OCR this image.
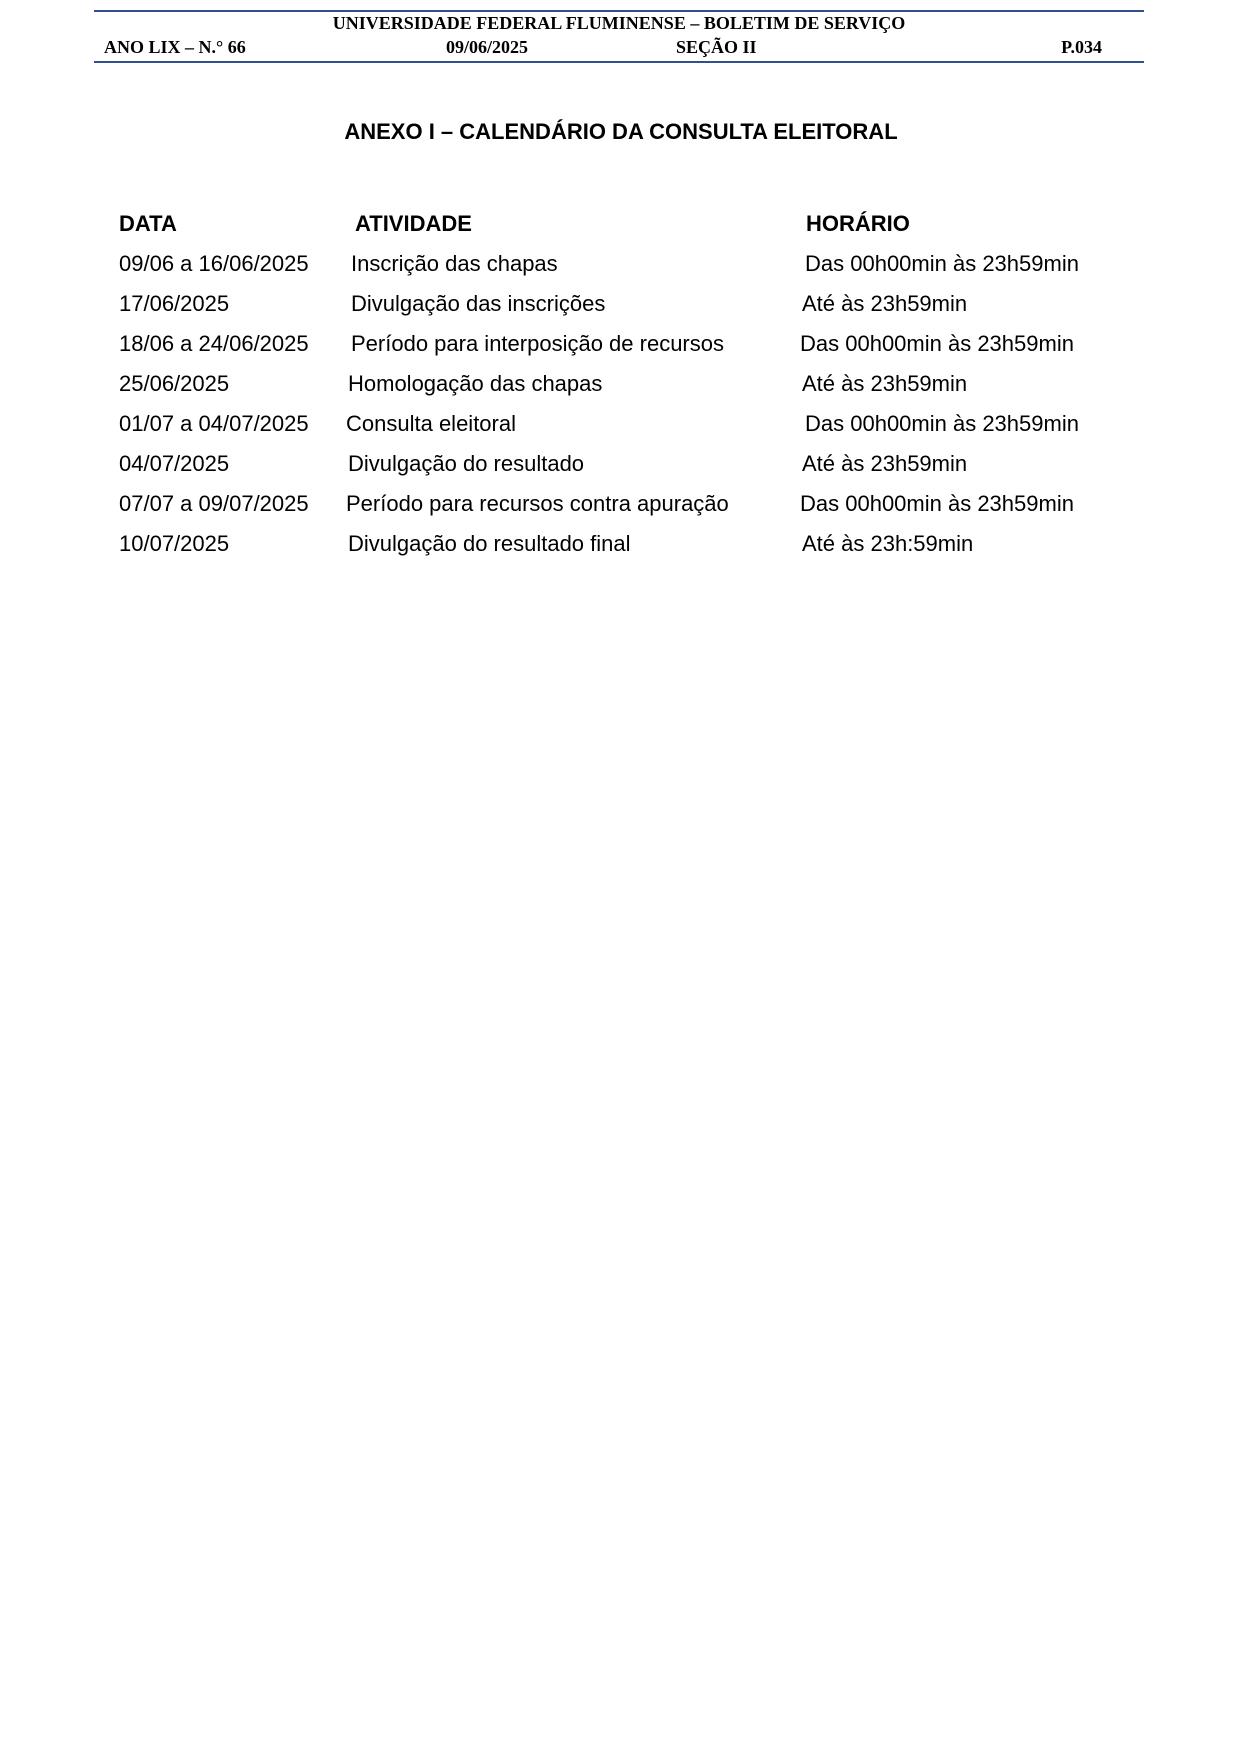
UNIVERSIDADE FEDERAL FLUMINENSE – BOLETIM DE SERVIÇO
ANO LIX – N.° 66	09/06/2025	SEÇÃO II	P.034
ANEXO I – CALENDÁRIO DA CONSULTA ELEITORAL
DATA	ATIVIDADE	HORÁRIO
09/06 a 16/06/2025 Inscrição das chapas	Das 00h00min às 23h59min
17/06/2025	Divulgação das inscrições	Até às 23h59min
18/06 a 24/06/2025 Período para interposição de recursos	Das 00h00min às 23h59min
25/06/2025	Homologação das chapas	Até às 23h59min
01/07 a 04/07/2025 Consulta eleitoral	Das 00h00min às 23h59min
04/07/2025	Divulgação do resultado	Até às 23h59min
07/07 a 09/07/2025 Período para recursos contra apuração	Das 00h00min às 23h59min
10/07/2025	Divulgação do resultado final	Até às 23h:59min
